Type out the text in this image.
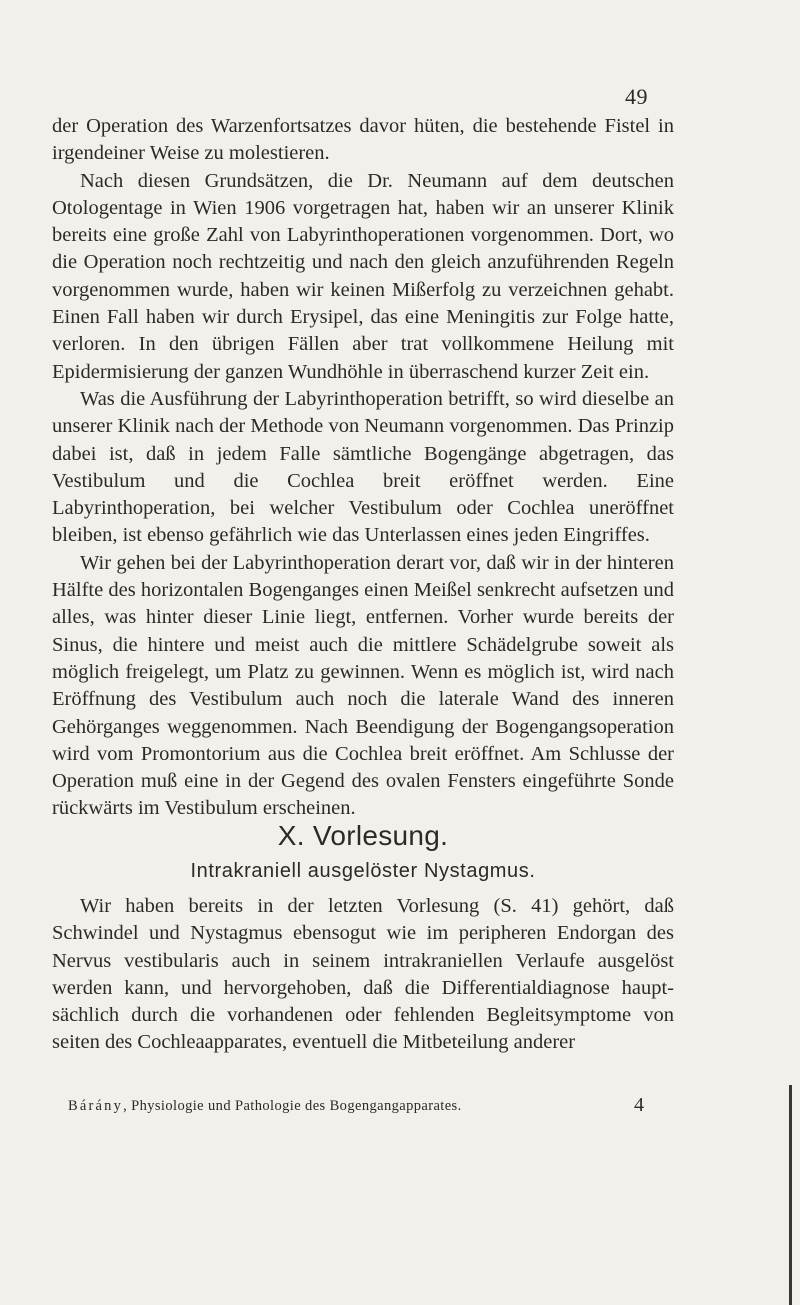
49

der Operation des Warzenfortsatzes davor hüten, die bestehende Fistel in irgendeiner Weise zu molestieren.

Nach diesen Grundsätzen, die Dr. Neumann auf dem deutschen Otologentage in Wien 1906 vorgetragen hat, haben wir an unserer Klinik bereits eine große Zahl von Labyrinthoperationen vorgenommen. Dort, wo die Operation noch rechtzeitig und nach den gleich anzuführenden Regeln vorgenommen wurde, haben wir keinen Mißerfolg zu verzeichnen gehabt. Einen Fall haben wir durch Erysipel, das eine Meningitis zur Folge hatte, verloren. In den übrigen Fällen aber trat vollkommene Heilung mit Epidermisierung der ganzen Wundhöhle in überraschend kurzer Zeit ein.

Was die Ausführung der Labyrinthoperation betrifft, so wird dieselbe an unserer Klinik nach der Methode von Neumann vorgenommen. Das Prinzip dabei ist, daß in jedem Falle sämtliche Bogengänge abgetragen, das Vestibulum und die Cochlea breit eröffnet werden. Eine Labyrinthoperation, bei welcher Vestibulum oder Cochlea uneröffnet bleiben, ist ebenso gefährlich wie das Unterlassen eines jeden Eingriffes.

Wir gehen bei der Labyrinthoperation derart vor, daß wir in der hinteren Hälfte des horizontalen Bogenganges einen Meißel senkrecht aufsetzen und alles, was hinter dieser Linie liegt, entfernen. Vorher wurde bereits der Sinus, die hintere und meist auch die mittlere Schädelgrube soweit als möglich freigelegt, um Platz zu gewinnen. Wenn es möglich ist, wird nach Eröffnung des Vestibulum auch noch die laterale Wand des inneren Gehörganges weggenommen. Nach Beendigung der Bogengangsoperation wird vom Promontorium aus die Cochlea breit eröffnet. Am Schlusse der Operation muß eine in der Gegend des ovalen Fensters eingeführte Sonde rückwärts im Vestibulum erscheinen.

X. Vorlesung.
Intrakraniell ausgelöster Nystagmus.

Wir haben bereits in der letzten Vorlesung (S. 41) gehört, daß Schwindel und Nystagmus ebensogut wie im peripheren Endorgan des Nervus vestibularis auch in seinem intrakraniellen Verlaufe ausgelöst werden kann, und hervorgehoben, daß die Differentialdiagnose hauptsächlich durch die vorhandenen oder fehlenden Begleitsymptome von seiten des Cochleaapparates, eventuell die Mitbeteilung anderer

Bárány, Physiologie und Pathologie des Bogengangapparates.	4
